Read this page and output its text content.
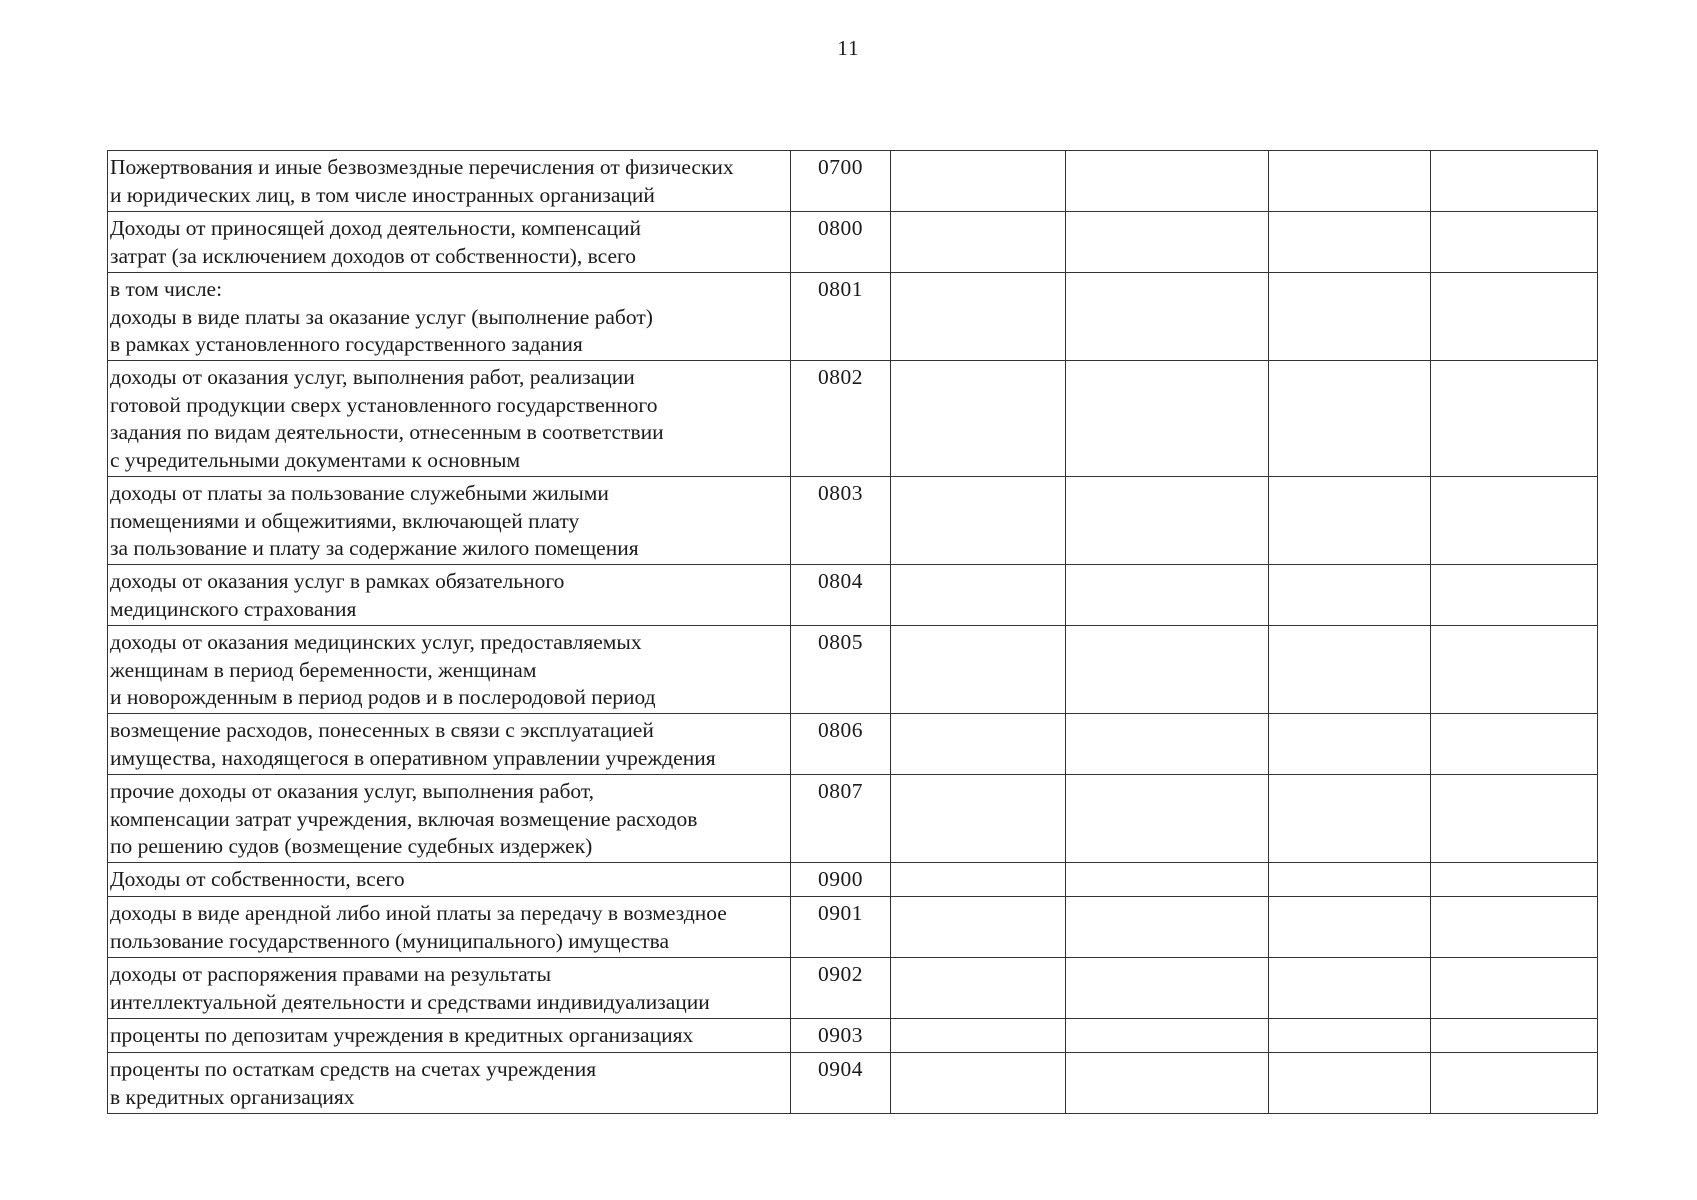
11
Пожертвования и иные безвозмездные перечисления от физических
и юридических лиц, в том числе иностранных организаций	0700				

Доходы от приносящей доход деятельности, компенсаций
затрат (за исключением доходов от собственности), всего	0800				

в том числе:
доходы в виде платы за оказание услуг (выполнение работ)
в рамках установленного государственного задания	0801				

доходы от оказания услуг, выполнения работ, реализации
готовой продукции сверх установленного государственного
задания по видам деятельности, отнесенным в соответствии
с учредительными документами к основным	0802				

доходы от платы за пользование служебными жилыми
помещениями и общежитиями, включающей плату
за пользование и плату за содержание жилого помещения	0803				

доходы от оказания услуг в рамках обязательного
медицинского страхования	0804				

доходы от оказания медицинских услуг, предоставляемых
женщинам в период беременности, женщинам
и новорожденным в период родов и в послеродовой период	0805				

возмещение расходов, понесенных в связи с эксплуатацией
имущества, находящегося в оперативном управлении учреждения	0806				

прочие доходы от оказания услуг, выполнения работ,
компенсации затрат учреждения, включая возмещение расходов
по решению судов (возмещение судебных издержек)	0807				

Доходы от собственности, всего	0900				

доходы в виде арендной либо иной платы за передачу в возмездное
пользование государственного (муниципального) имущества	0901				

доходы от распоряжения правами на результаты
интеллектуальной деятельности и средствами индивидуализации	0902				

проценты по депозитам учреждения в кредитных организациях	0903				

проценты по остаткам средств на счетах учреждения
в кредитных организациях	0904				
